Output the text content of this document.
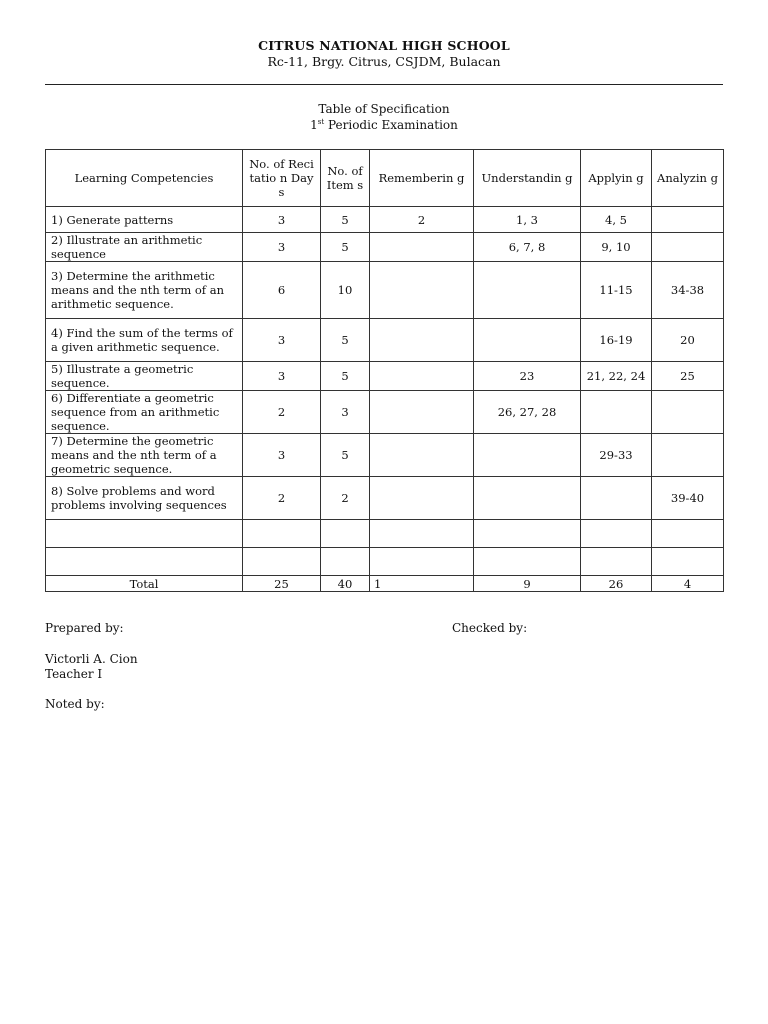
CITRUS NATIONAL HIGH SCHOOL
Rc-11, Brgy. Citrus, CSJDM, Bulacan
Table of Specification
1st Periodic Examination
Learning Competencies	No. of Recitatio n Days	No. of Item s	Rememberin g	Understandin g	Applyin g	Analyzin g
1) Generate patterns	3	5	2	1, 3	4, 5	
2) Illustrate an arithmetic sequence	3	5		6, 7, 8	9, 10	
3) Determine the arithmetic means and the nth term of an arithmetic sequence.	6	10			11-15	34-38
4) Find the sum of the terms of a given arithmetic sequence.	3	5			16-19	20
5) Illustrate a geometric sequence.	3	5		23	21, 22, 24	25
6) Differentiate a geometric sequence from an arithmetic sequence.	2	3		26, 27, 28		
7) Determine the geometric means and the nth term of a geometric sequence.	3	5			29-33	
8) Solve problems and word problems involving sequences	2	2				39-40

Total	25	40	1	9	26	4
Prepared by:	Checked by:
Victorli A. Cion
Teacher I
Noted by:
